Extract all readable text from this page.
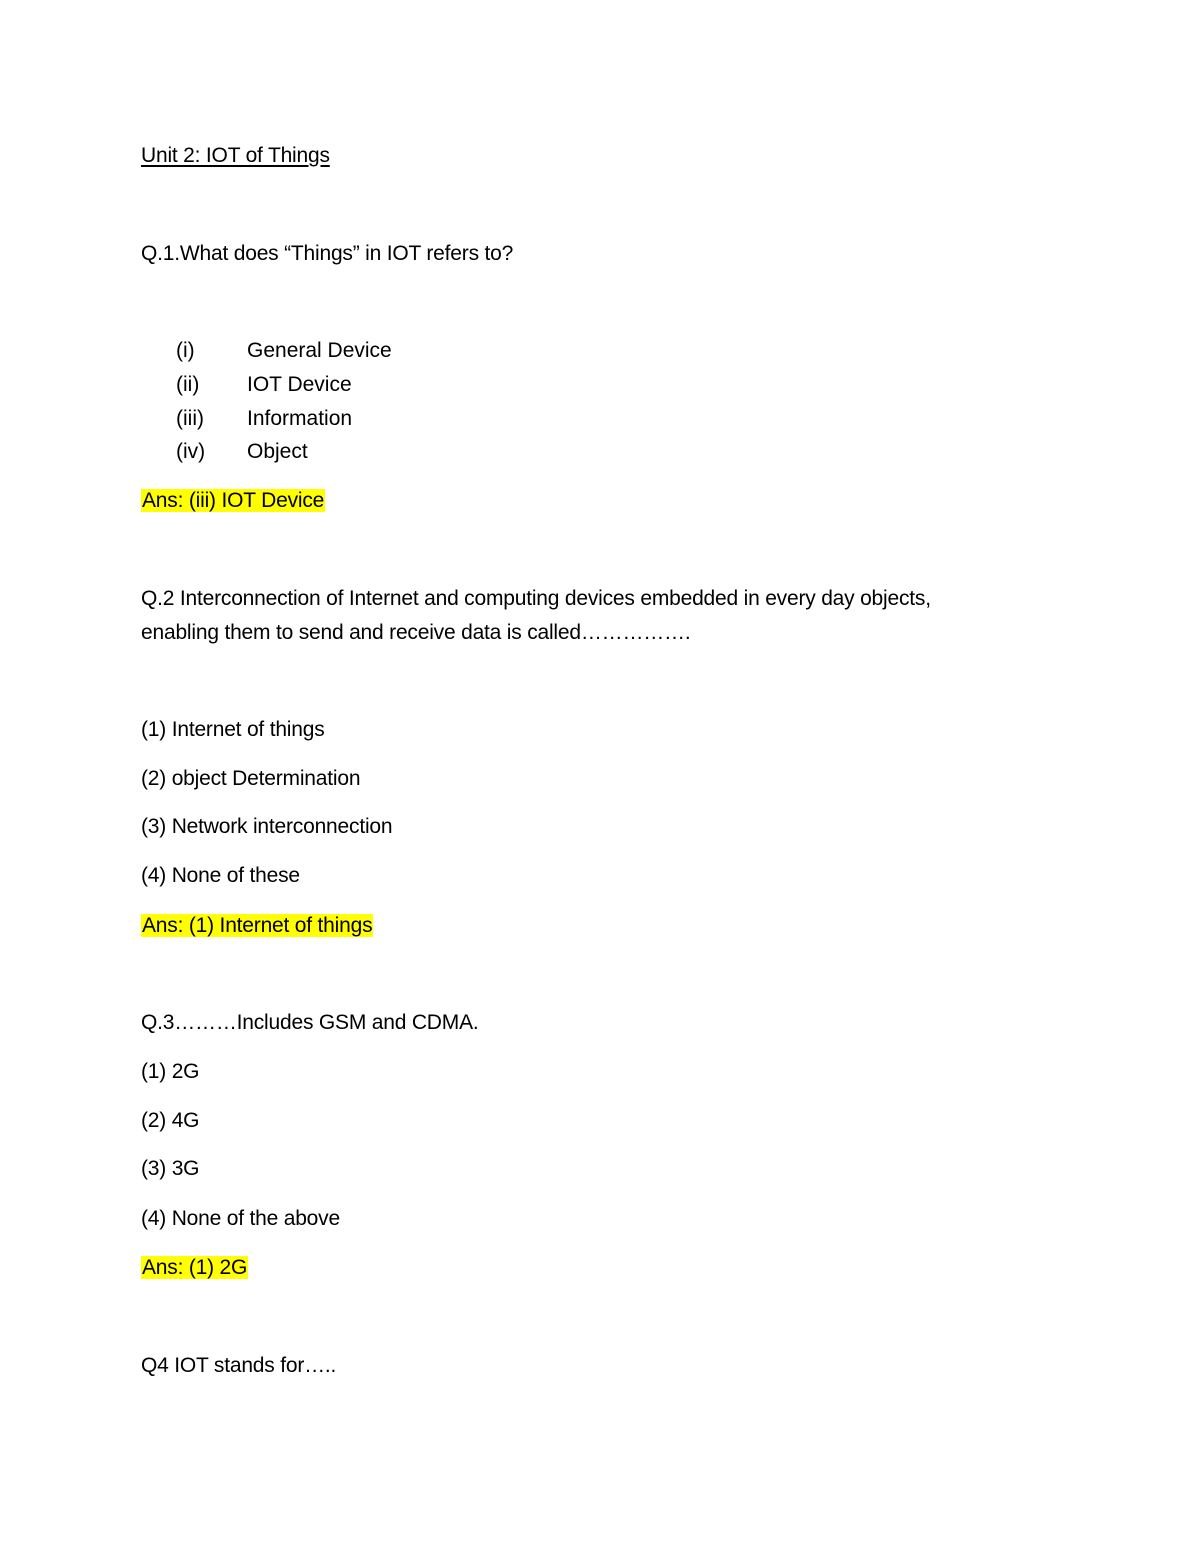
Unit 2: IOT of Things
Q.1.What does “Things” in IOT refers to?
(i) General Device
(ii) IOT Device
(iii) Information
(iv) Object
Ans: (iii) IOT Device
Q.2 Interconnection of Internet and computing devices embedded in every day objects,
enabling them to send and receive data is called…………….
(1) Internet of things
(2) object Determination
(3) Network interconnection
(4) None of these
Ans: (1) Internet of things
Q.3………Includes GSM and CDMA.
(1) 2G
(2) 4G
(3) 3G
(4) None of the above
Ans: (1) 2G
Q4 IOT stands for…..
